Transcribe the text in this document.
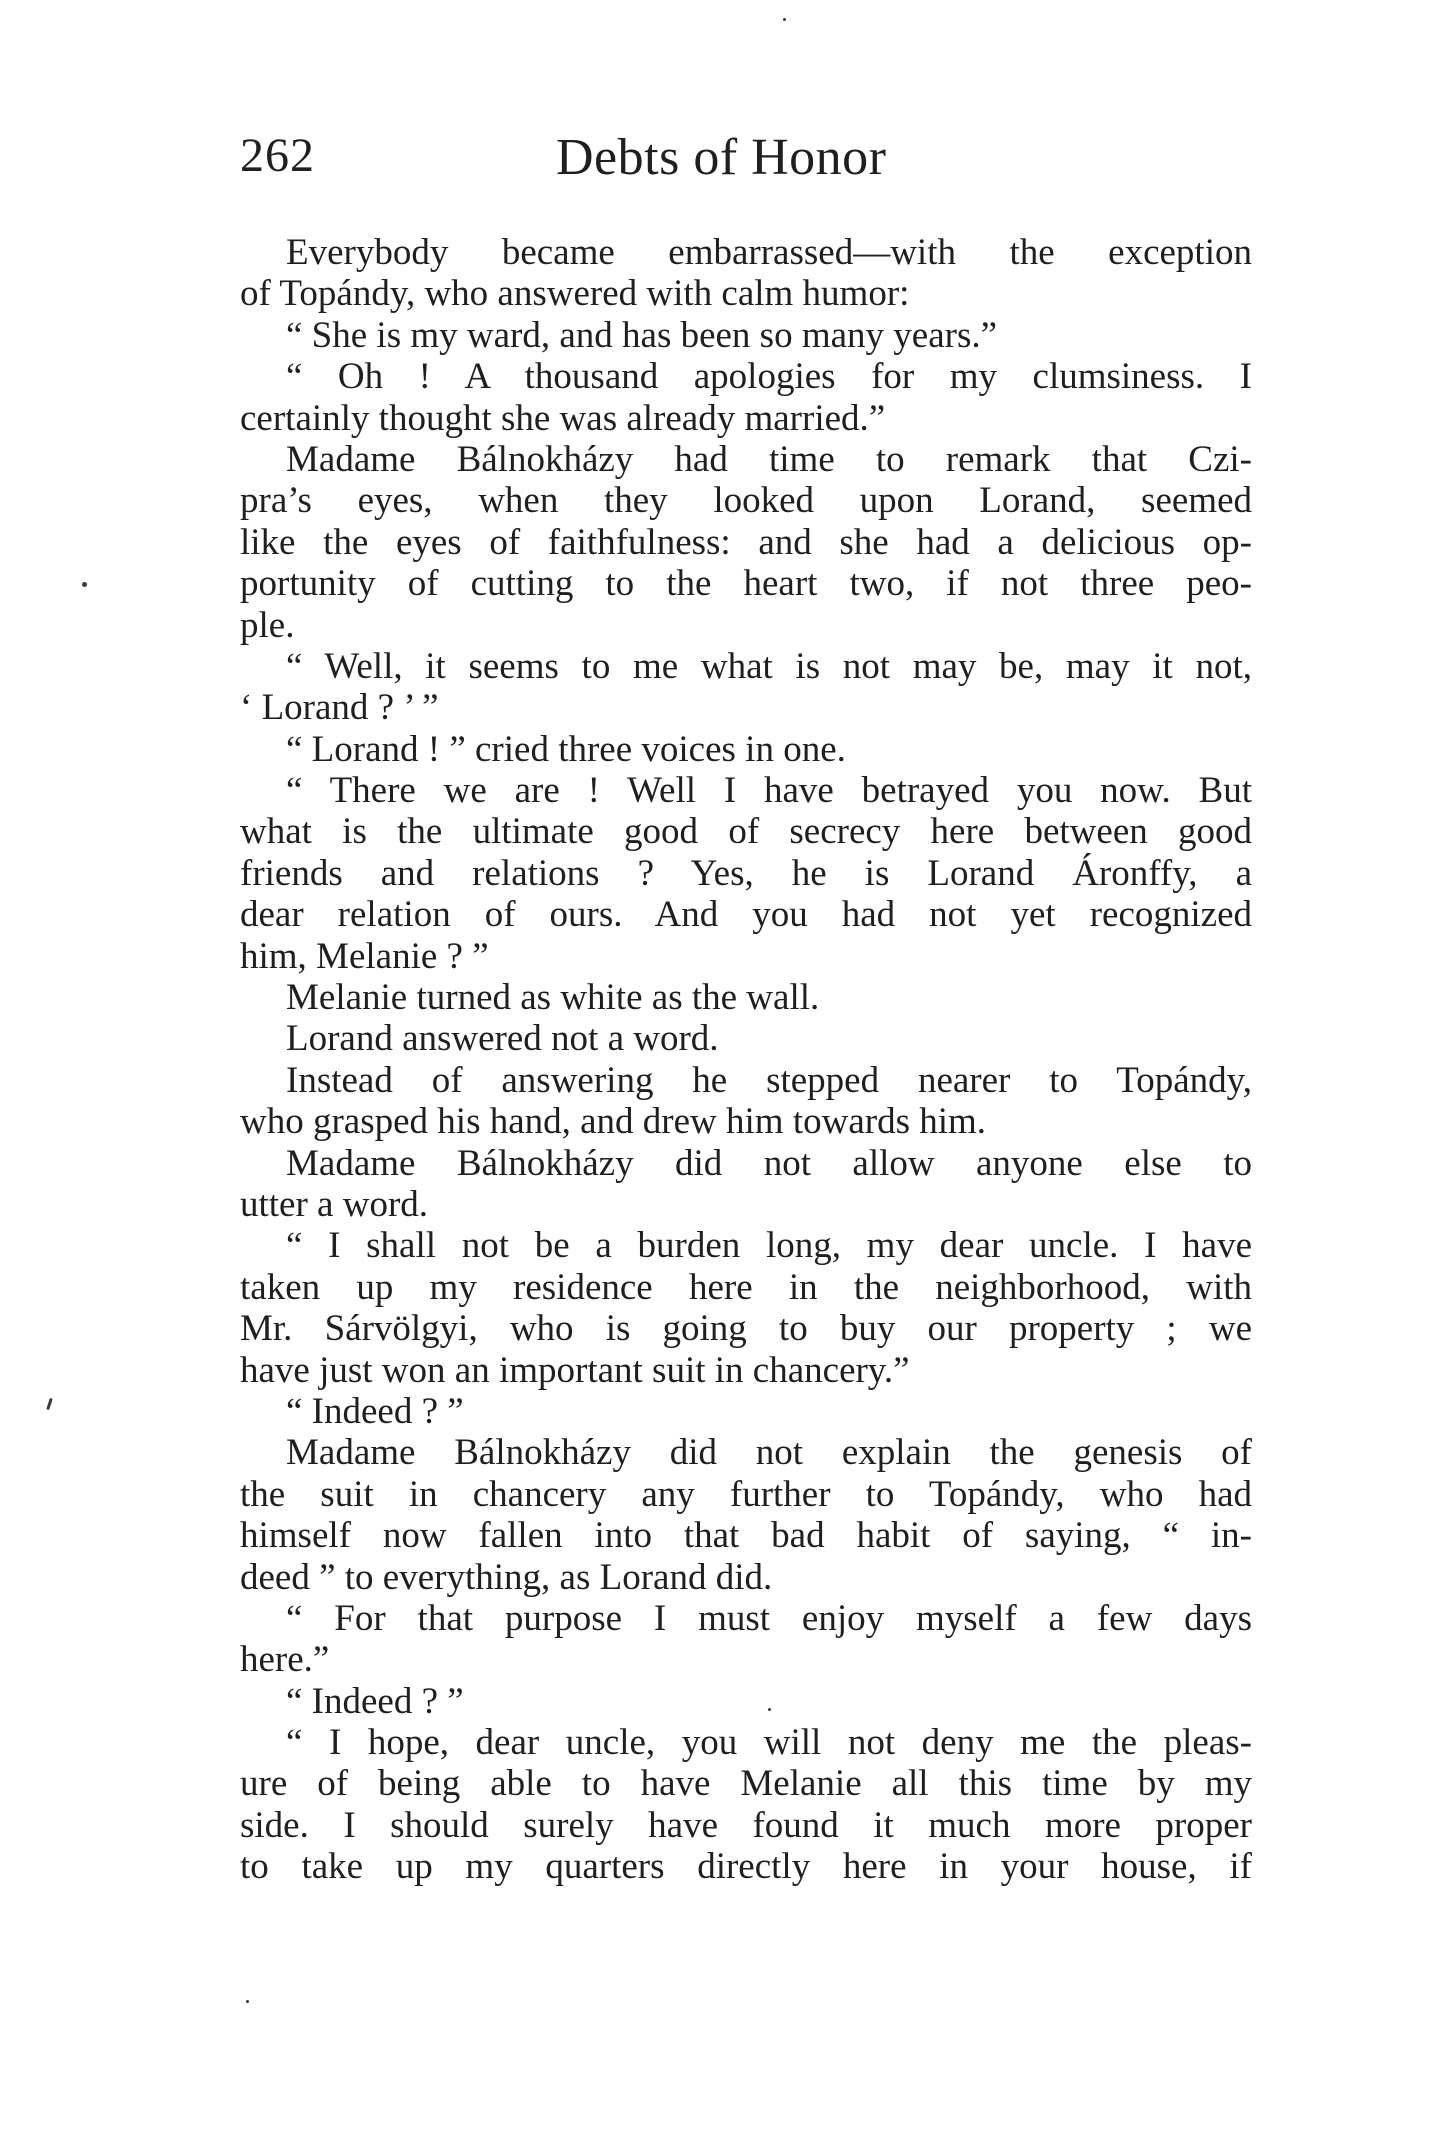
262	Debts of Honor
Everybody became embarrassed—with the exception
of Topándy, who answered with calm humor:
“ She is my ward, and has been so many years.”
“ Oh ! A thousand apologies for my clumsiness. I
certainly thought she was already married.”
Madame Bálnokházy had time to remark that Czi-
pra’s eyes, when they looked upon Lorand, seemed
like the eyes of faithfulness: and she had a delicious op-
portunity of cutting to the heart two, if not three peo-
ple.
“ Well, it seems to me what is not may be, may it not,
‘ Lorand ? ’ ”
“ Lorand ! ” cried three voices in one.
“ There we are ! Well I have betrayed you now. But
what is the ultimate good of secrecy here between good
friends and relations ? Yes, he is Lorand Áronffy, a
dear relation of ours. And you had not yet recognized
him, Melanie ? ”
Melanie turned as white as the wall.
Lorand answered not a word.
Instead of answering he stepped nearer to Topándy,
who grasped his hand, and drew him towards him.
Madame Bálnokházy did not allow anyone else to
utter a word.
“ I shall not be a burden long, my dear uncle. I have
taken up my residence here in the neighborhood, with
Mr. Sárvölgyi, who is going to buy our property ; we
have just won an important suit in chancery.”
“ Indeed ? ”
Madame Bálnokházy did not explain the genesis of
the suit in chancery any further to Topándy, who had
himself now fallen into that bad habit of saying, “ in-
deed ” to everything, as Lorand did.
“ For that purpose I must enjoy myself a few days
here.”
“ Indeed ? ”
“ I hope, dear uncle, you will not deny me the pleas-
ure of being able to have Melanie all this time by my
side. I should surely have found it much more proper
to take up my quarters directly here in your house, if
